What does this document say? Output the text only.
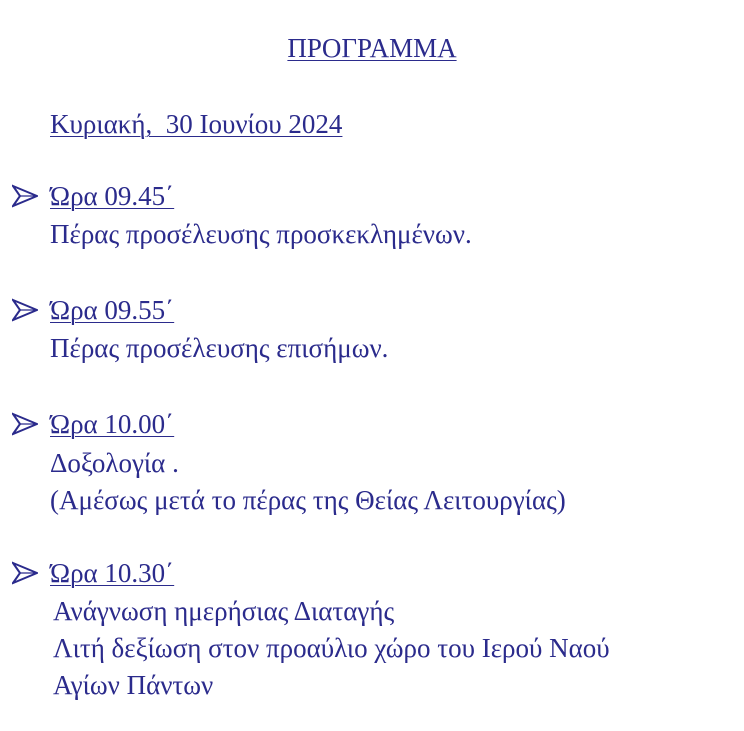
ΠΡΟΓΡΑΜΜΑ
Κυριακή,  30 Ιουνίου 2024
Ώρα 09.45΄
Πέρας προσέλευσης προσκεκλημένων.
Ώρα 09.55΄
Πέρας προσέλευσης επισήμων.
Ώρα 10.00΄
Δοξολογία .
(Αμέσως μετά το πέρας της Θείας Λειτουργίας)
Ώρα 10.30΄
Ανάγνωση ημερήσιας Διαταγής
Λιτή δεξίωση στον προαύλιο χώρο του Ιερού Ναού
Αγίων Πάντων
